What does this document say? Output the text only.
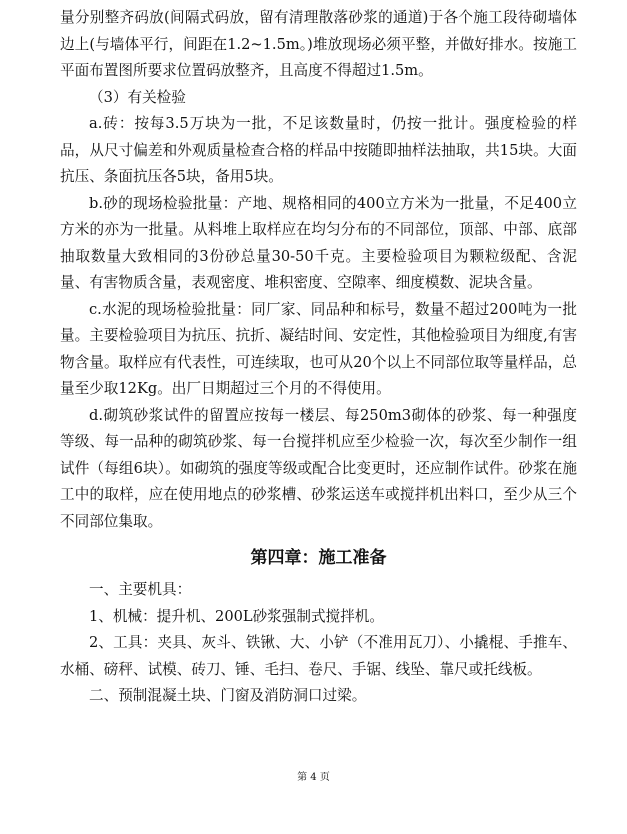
量分别整齐码放(间隔式码放，留有清理散落砂浆的通道)于各个施工段待砌墙体边上(与墙体平行，间距在1.2~1.5m。)堆放现场必须平整，并做好排水。按施工平面布置图所要求位置码放整齐，且高度不得超过1.5m。

（3）有关检验

a.砖：按每3.5万块为一批，不足该数量时，仍按一批计。强度检验的样品，从尺寸偏差和外观质量检查合格的样品中按随即抽样法抽取，共15块。大面抗压、条面抗压各5块，备用5块。

b.砂的现场检验批量：产地、规格相同的400立方米为一批量，不足400立方米的亦为一批量。从料堆上取样应在均匀分布的不同部位，顶部、中部、底部抽取数量大致相同的3份砂总量30-50千克。主要检验项目为颗粒级配、含泥量、有害物质含量，表观密度、堆积密度、空隙率、细度模数、泥块含量。

c.水泥的现场检验批量：同厂家、同品种和标号，数量不超过200吨为一批量。主要检验项目为抗压、抗折、凝结时间、安定性，其他检验项目为细度,有害物含量。取样应有代表性，可连续取，也可从20个以上不同部位取等量样品，总量至少取12Kg。出厂日期超过三个月的不得使用。

d.砌筑砂浆试件的留置应按每一楼层、每250m3砌体的砂浆、每一种强度等级、每一品种的砌筑砂浆、每一台搅拌机应至少检验一次，每次至少制作一组试件（每组6块）。如砌筑的强度等级或配合比变更时，还应制作试件。砂浆在施工中的取样，应在使用地点的砂浆槽、砂浆运送车或搅拌机出料口，至少从三个不同部位集取。

第四章：施工准备

一、主要机具：

1、机械：提升机、200L砂浆强制式搅拌机。

2、工具：夹具、灰斗、铁锹、大、小铲（不准用瓦刀）、小撬棍、手推车、水桶、磅秤、试模、砖刀、锤、毛扫、卷尺、手锯、线坠、靠尺或托线板。

二、预制混凝土块、门窗及消防洞口过梁。

第 4 页
